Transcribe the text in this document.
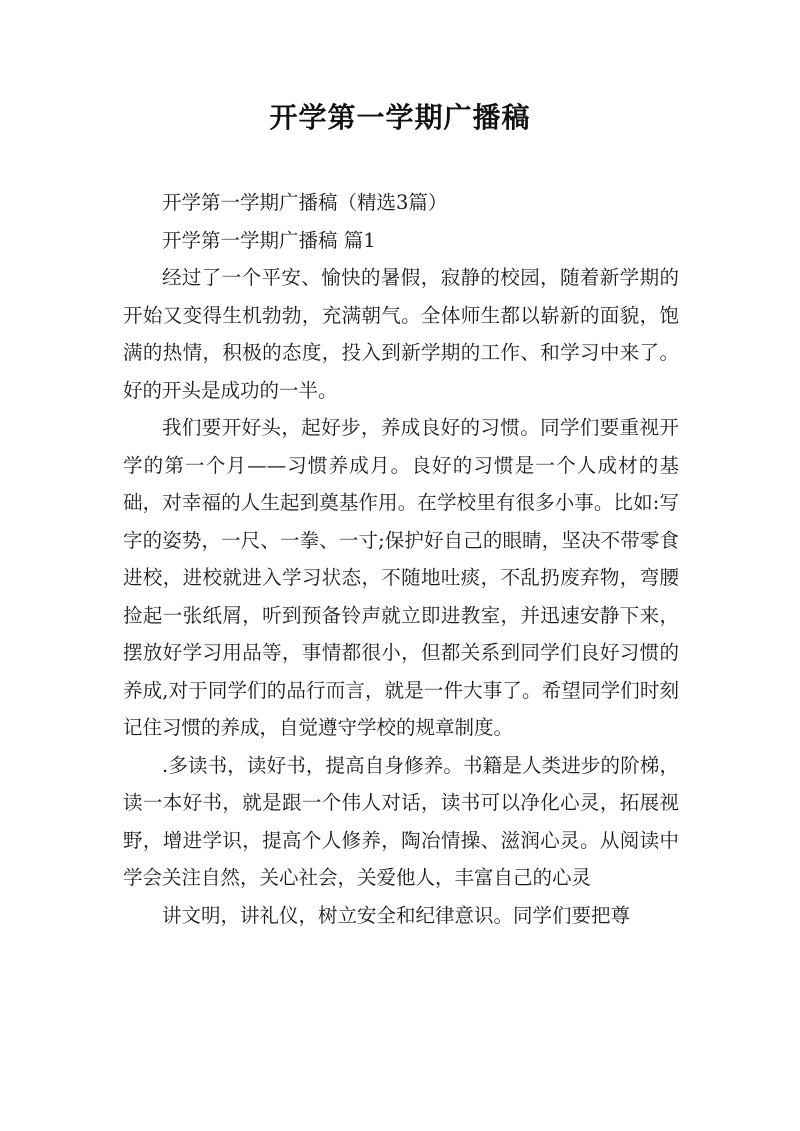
开学第一学期广播稿

开学第一学期广播稿（精选3篇）

开学第一学期广播稿 篇1

经过了一个平安、愉快的暑假，寂静的校园，随着新学期的开始又变得生机勃勃，充满朝气。全体师生都以崭新的面貌，饱满的热情，积极的态度，投入到新学期的工作、和学习中来了。好的开头是成功的一半。

我们要开好头，起好步，养成良好的习惯。同学们要重视开学的第一个月——习惯养成月。良好的习惯是一个人成材的基础，对幸福的人生起到奠基作用。在学校里有很多小事。比如:写字的姿势，一尺、一拳、一寸;保护好自己的眼睛，坚决不带零食进校，进校就进入学习状态，不随地吐痰，不乱扔废弃物，弯腰捡起一张纸屑，听到预备铃声就立即进教室，并迅速安静下来，摆放好学习用品等，事情都很小，但都关系到同学们良好习惯的养成,对于同学们的品行而言，就是一件大事了。希望同学们时刻记住习惯的养成，自觉遵守学校的规章制度。

.多读书，读好书，提高自身修养。书籍是人类进步的阶梯，读一本好书，就是跟一个伟人对话，读书可以净化心灵，拓展视野，增进学识，提高个人修养，陶冶情操、滋润心灵。从阅读中学会关注自然，关心社会，关爱他人，丰富自己的心灵

讲文明，讲礼仪，树立安全和纪律意识。同学们要把尊
